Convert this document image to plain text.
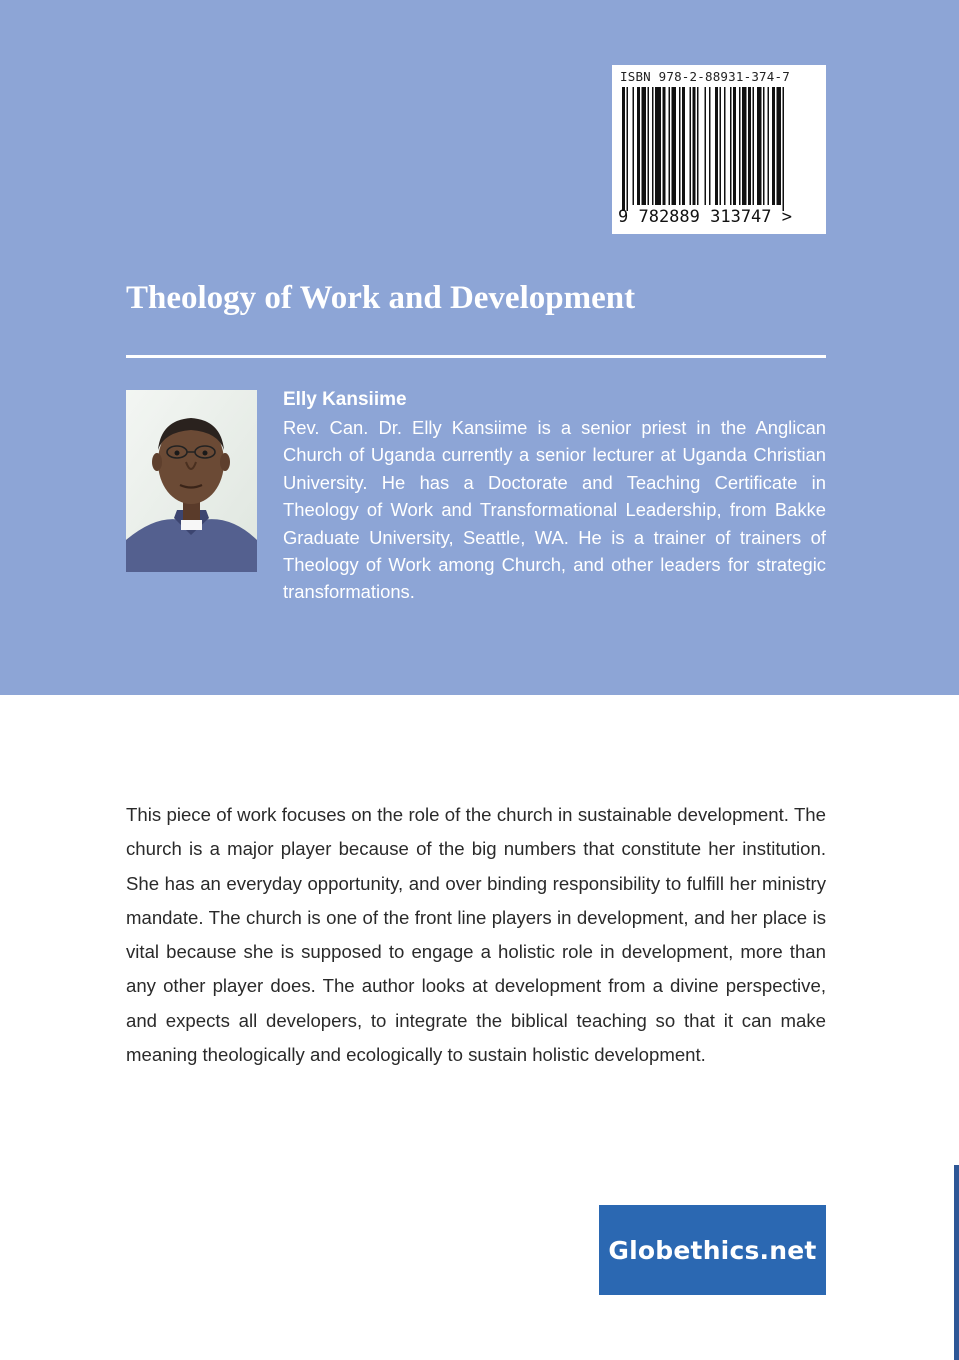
ISBN 978-2-88931-374-7
9 782889 313747 >
Theology of Work and Development
Elly Kansiime

Rev. Can. Dr. Elly Kansiime is a senior priest in the Anglican Church of Uganda currently a senior lecturer at Uganda Christian University. He has a Doctorate and Teaching Certificate in Theology of Work and Transformational Leadership, from Bakke Graduate University, Seattle, WA. He is a trainer of trainers of Theology of Work among Church, and other leaders for strategic transformations.

This piece of work focuses on the role of the church in sustainable development. The church is a major player because of the big numbers that constitute her institution. She has an everyday opportunity, and over binding responsibility to fulfill her ministry mandate. The church is one of the front line players in development, and her place is vital because she is supposed to engage a holistic role in development, more than any other player does. The author looks at development from a divine perspective, and expects all developers, to integrate the biblical teaching so that it can make meaning theologically and ecologically to sustain holistic development.

Globethics.net
